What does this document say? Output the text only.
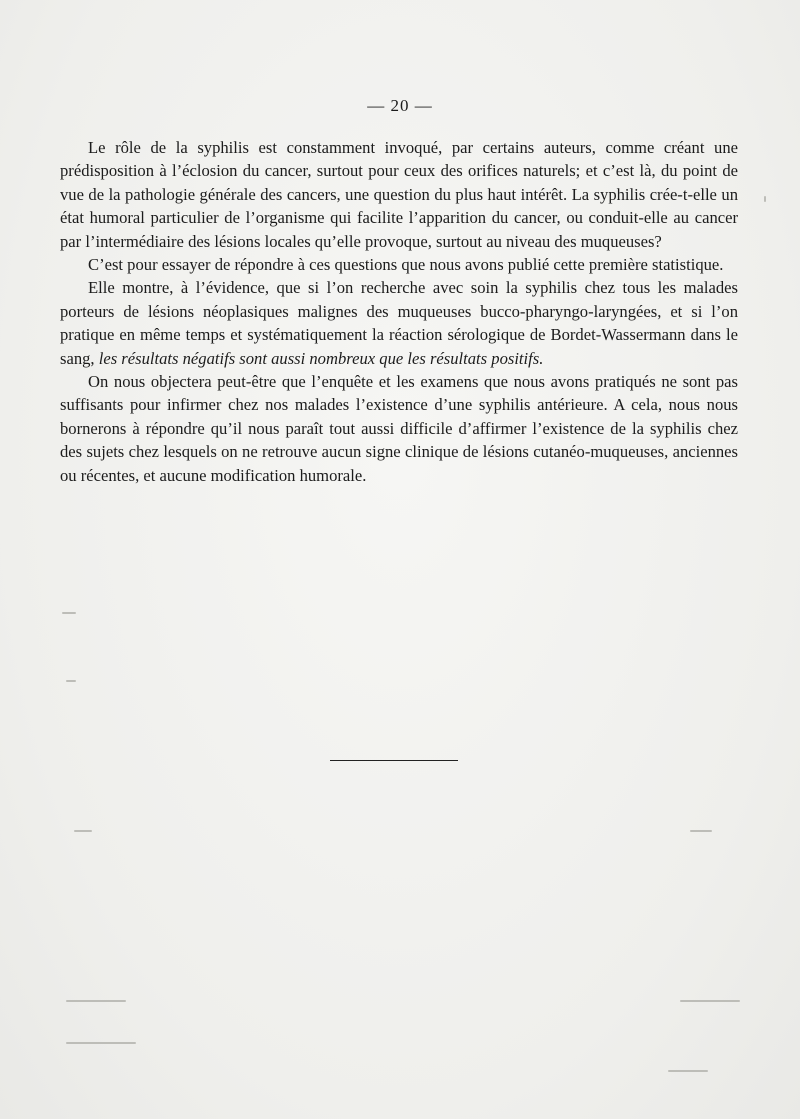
— 20 —

Le rôle de la syphilis est constamment invoqué, par certains auteurs, comme créant une prédisposition à l’éclosion du cancer, surtout pour ceux des orifices naturels; et c’est là, du point de vue de la pathologie générale des cancers, une question du plus haut intérêt. La syphilis crée-t-elle un état humoral particulier de l’organisme qui facilite l’apparition du cancer, ou conduit-elle au cancer par l’intermédiaire des lésions locales qu’elle provoque, surtout au niveau des muqueuses?

C’est pour essayer de répondre à ces questions que nous avons publié cette première statistique.

Elle montre, à l’évidence, que si l’on recherche avec soin la syphilis chez tous les malades porteurs de lésions néoplasiques malignes des muqueuses bucco-pharyngo-laryngées, et si l’on pratique en même temps et systématiquement la réaction sérologique de Bordet-Wassermann dans le sang, les résultats négatifs sont aussi nombreux que les résultats positifs.

On nous objectera peut-être que l’enquête et les examens que nous avons pratiqués ne sont pas suffisants pour infirmer chez nos malades l’existence d’une syphilis antérieure. A cela, nous nous bornerons à répondre qu’il nous paraît tout aussi difficile d’affirmer l’existence de la syphilis chez des sujets chez lesquels on ne retrouve aucun signe clinique de lésions cutanéo-muqueuses, anciennes ou récentes, et aucune modification humorale.
